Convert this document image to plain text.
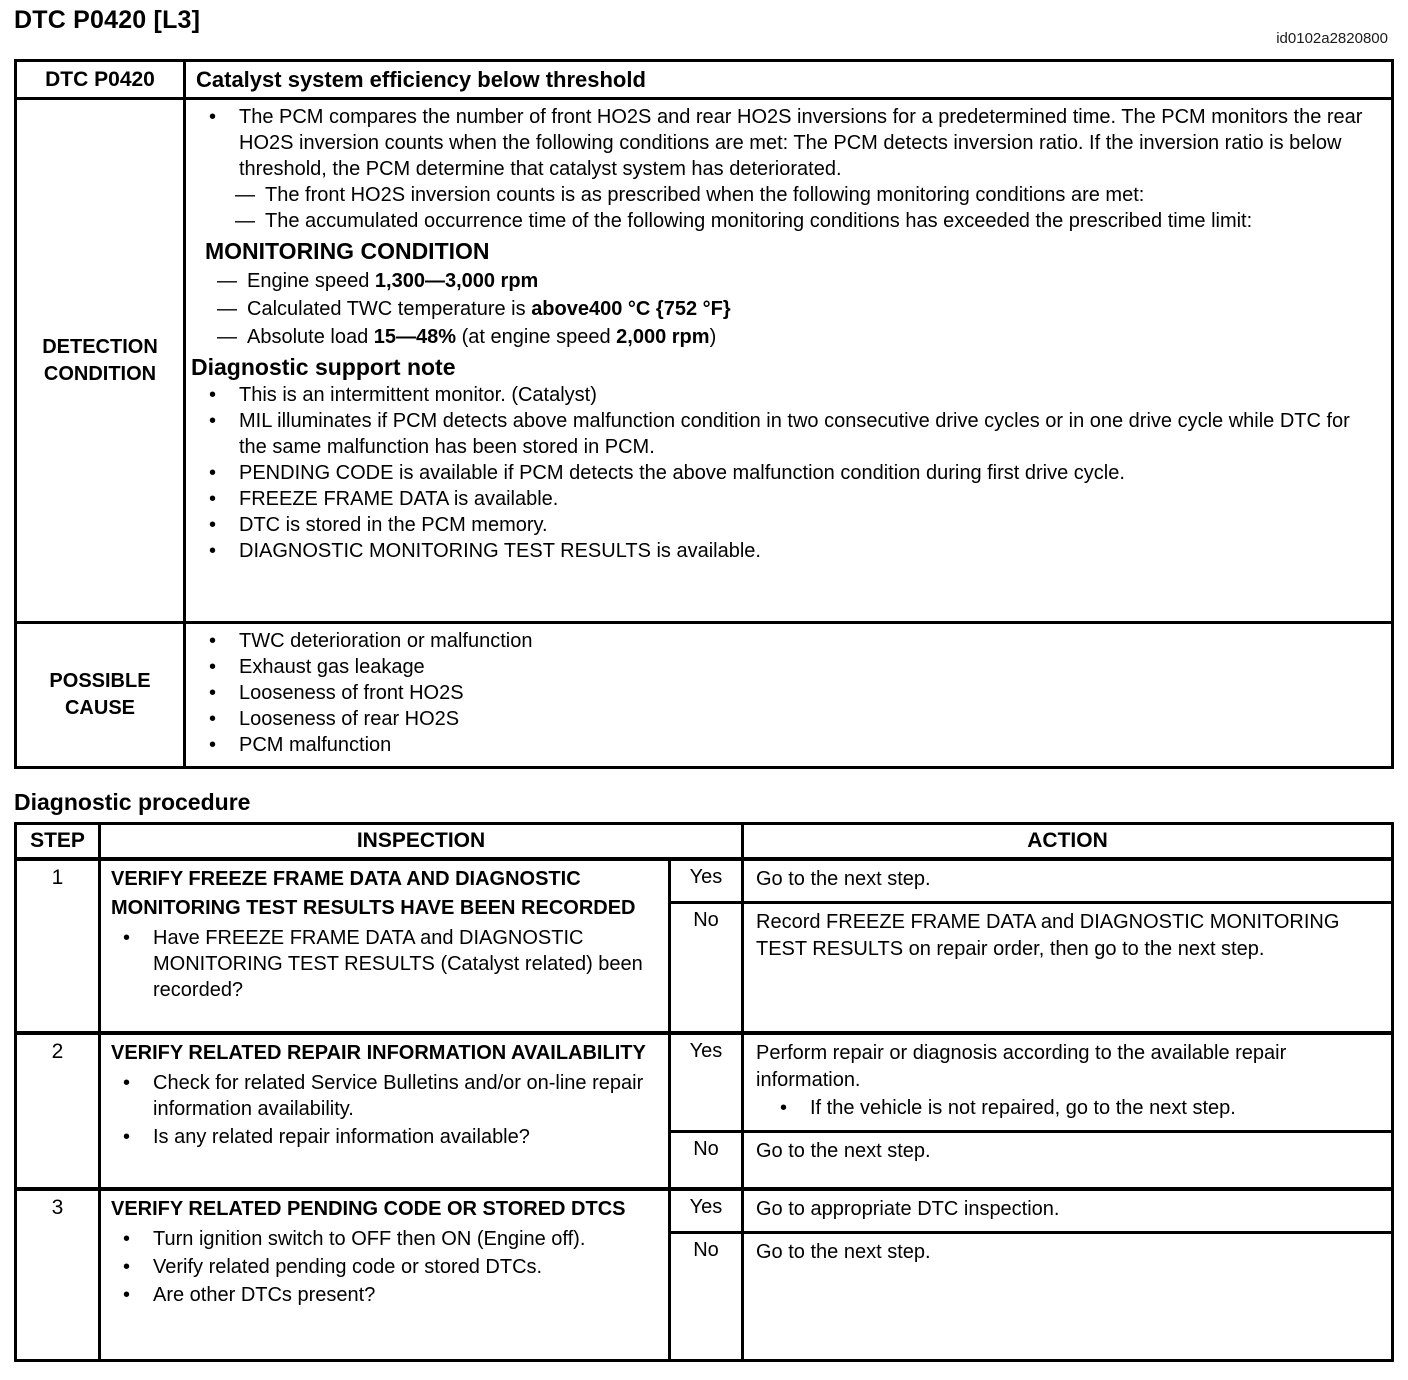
DTC P0420 [L3]
id0102a2820800
DTC P0420	Catalyst system efficiency below threshold
DETECTION CONDITION
•	The PCM compares the number of front HO2S and rear HO2S inversions for a predetermined time. The PCM monitors the rear HO2S inversion counts when the following conditions are met: The PCM detects inversion ratio. If the inversion ratio is below threshold, the PCM determine that catalyst system has deteriorated.
— The front HO2S inversion counts is as prescribed when the following monitoring conditions are met:
— The accumulated occurrence time of the following monitoring conditions has exceeded the prescribed time limit:
MONITORING CONDITION
— Engine speed 1,300—3,000 rpm
— Calculated TWC temperature is above400 °C {752 °F}
— Absolute load 15—48% (at engine speed 2,000 rpm)
Diagnostic support note
•	This is an intermittent monitor. (Catalyst)
•	MIL illuminates if PCM detects above malfunction condition in two consecutive drive cycles or in one drive cycle while DTC for the same malfunction has been stored in PCM.
•	PENDING CODE is available if PCM detects the above malfunction condition during first drive cycle.
•	FREEZE FRAME DATA is available.
•	DTC is stored in the PCM memory.
•	DIAGNOSTIC MONITORING TEST RESULTS is available.
POSSIBLE CAUSE
•	TWC deterioration or malfunction
•	Exhaust gas leakage
•	Looseness of front HO2S
•	Looseness of rear HO2S
•	PCM malfunction
Diagnostic procedure
STEP	INSPECTION	ACTION
1	VERIFY FREEZE FRAME DATA AND DIAGNOSTIC MONITORING TEST RESULTS HAVE BEEN RECORDED
•	Have FREEZE FRAME DATA and DIAGNOSTIC MONITORING TEST RESULTS (Catalyst related) been recorded?
Yes	Go to the next step.
No	Record FREEZE FRAME DATA and DIAGNOSTIC MONITORING TEST RESULTS on repair order, then go to the next step.
2	VERIFY RELATED REPAIR INFORMATION AVAILABILITY
•	Check for related Service Bulletins and/or on-line repair information availability.
•	Is any related repair information available?
Yes	Perform repair or diagnosis according to the available repair information.
•	If the vehicle is not repaired, go to the next step.
No	Go to the next step.
3	VERIFY RELATED PENDING CODE OR STORED DTCS
•	Turn ignition switch to OFF then ON (Engine off).
•	Verify related pending code or stored DTCs.
•	Are other DTCs present?
Yes	Go to appropriate DTC inspection.
No	Go to the next step.
